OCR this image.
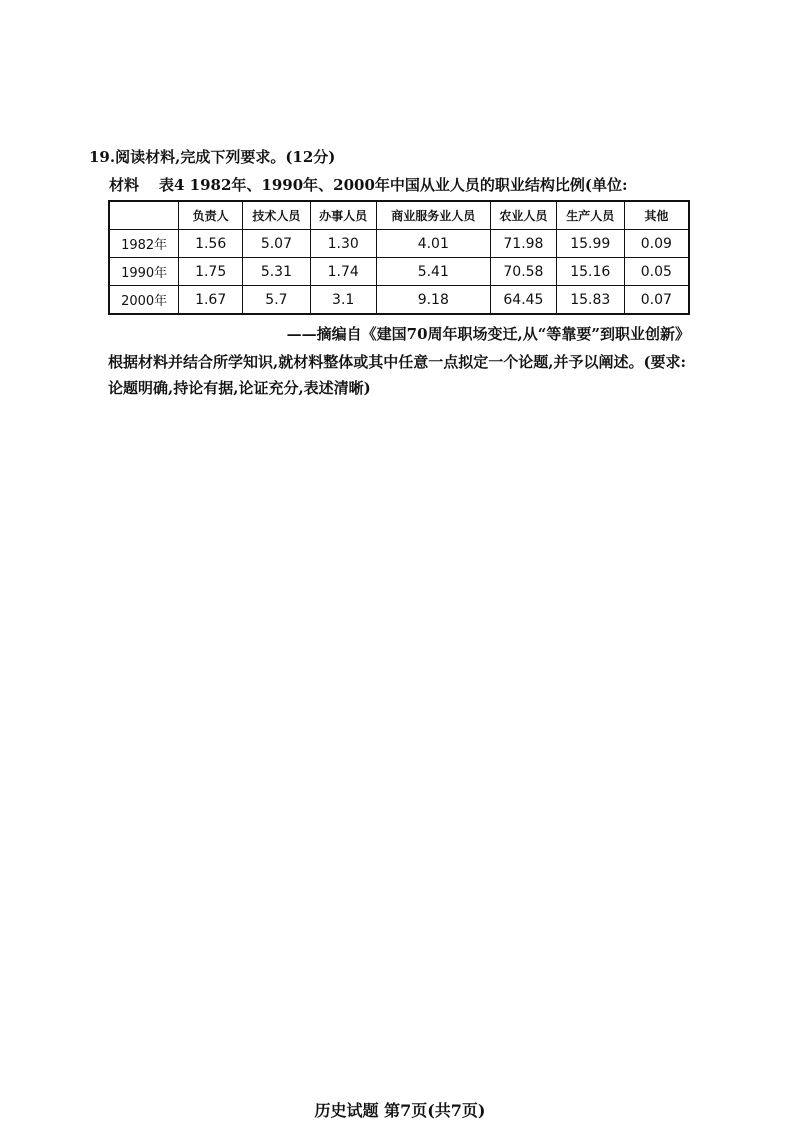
19.阅读材料,完成下列要求。(12分)
材料 表4 1982年、1990年、2000年中国从业人员的职业结构比例(单位:
	负责人	技术人员	办事人员	商业服务业人员	农业人员	生产人员	其他
1982年	1.56	5.07	1.30	4.01	71.98	15.99	0.09
1990年	1.75	5.31	1.74	5.41	70.58	15.16	0.05
2000年	1.67	5.7	3.1	9.18	64.45	15.83	0.07
——摘编自《建国70周年职场变迁,从“等靠要”到职业创新》
根据材料并结合所学知识,就材料整体或其中任意一点拟定一个论题,并予以阐述。(要求:论题明确,持论有据,论证充分,表述清晰)
历史试题 第7页(共7页)
